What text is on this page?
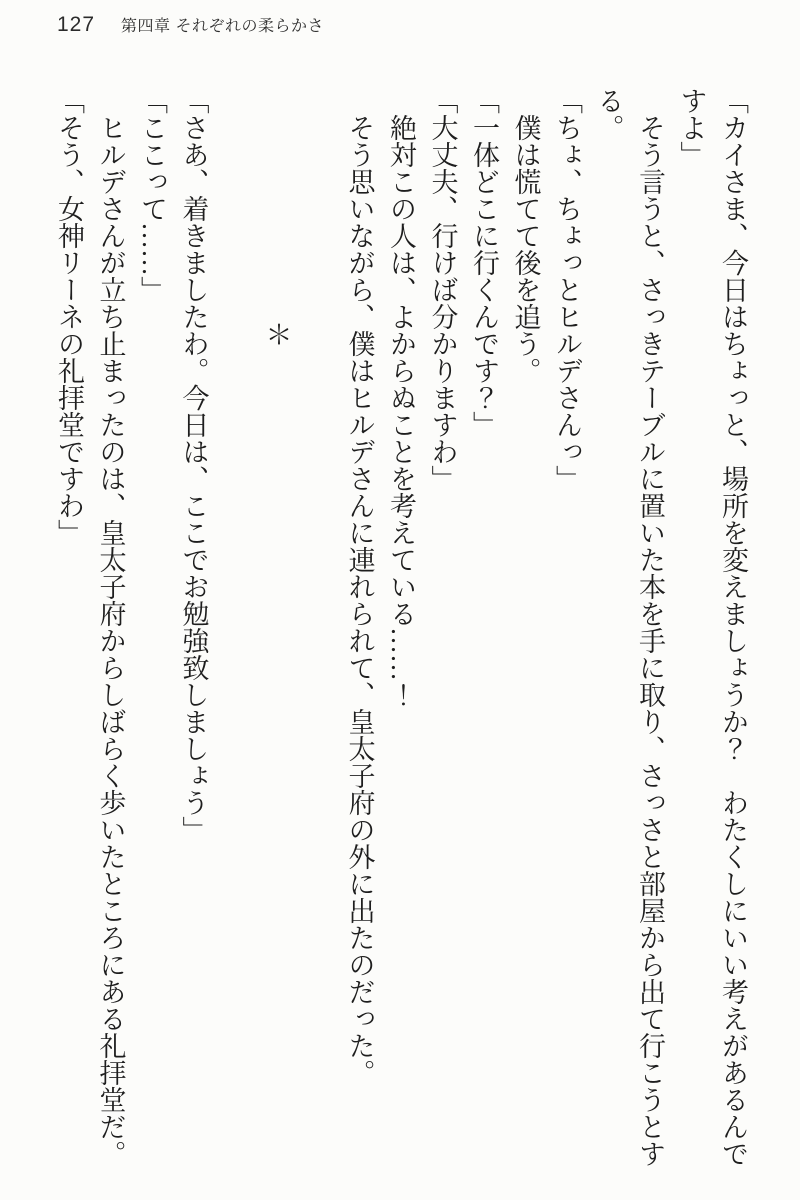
127 第四章 それぞれの柔らかさ

「カイさま、今日はちょっと、場所を変えましょうか？　わたくしにいい考えがあるんですよ」

そう言うと、さっきテーブルに置いた本を手に取り、さっさと部屋から出て行こうとする。

「ちょ、ちょっとヒルデさんっ」

僕は慌てて後を追う。

「一体どこに行くんです？」

「大丈夫、行けば分かりますわ」

絶対この人は、よからぬことを考えている……！

そう思いながら、僕はヒルデさんに連れられて、皇太子府の外に出たのだった。

＊

「さあ、着きましたわ。今日は、ここでお勉強致しましょう」

「ここって……」

ヒルデさんが立ち止まったのは、皇太子府からしばらく歩いたところにある礼拝堂だ。

「そう、女神リーネの礼拝堂ですわ」
